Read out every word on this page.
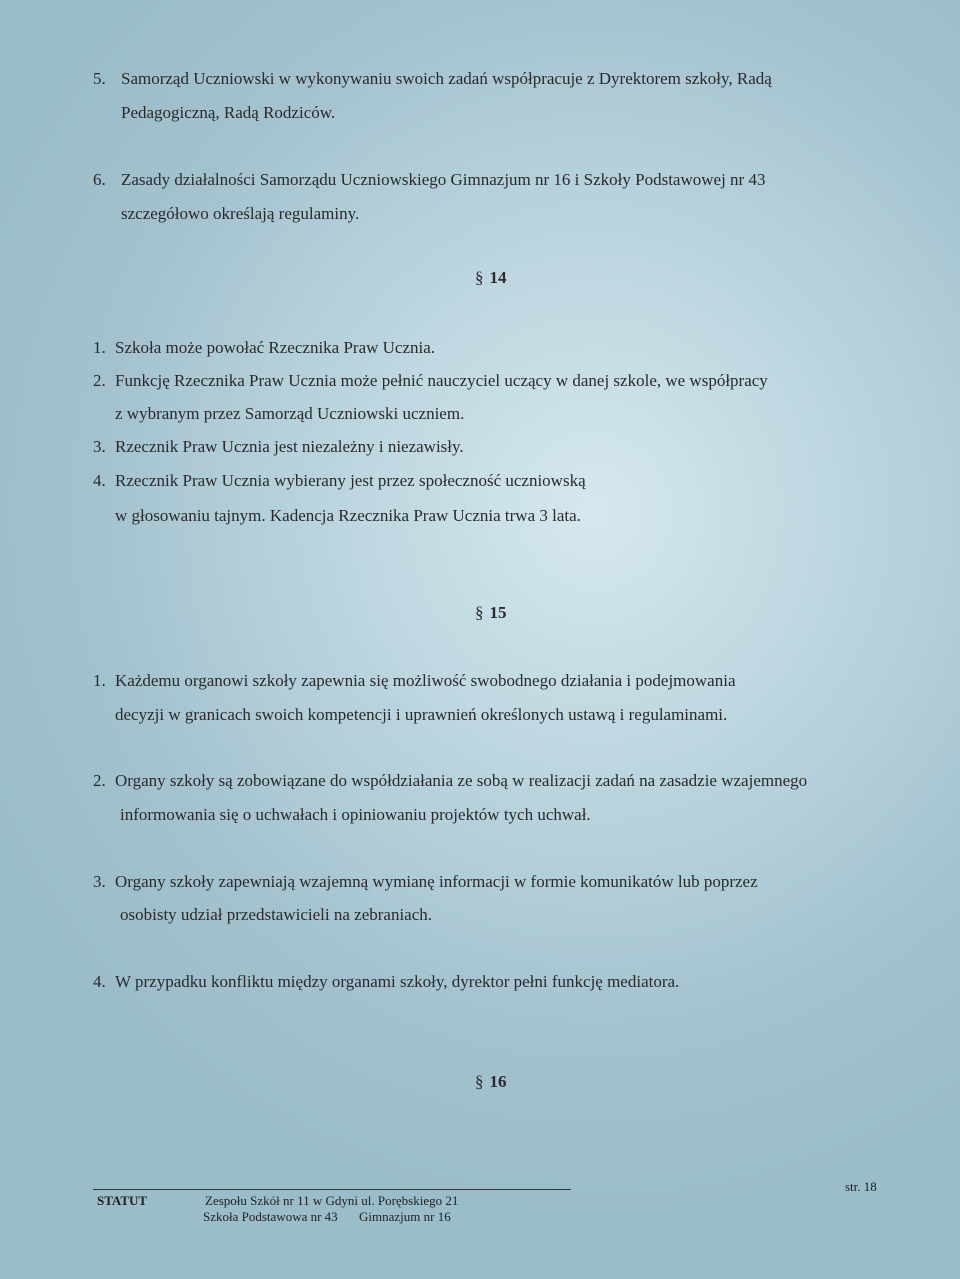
5. Samorząd Uczniowski w wykonywaniu swoich zadań współpracuje z Dyrektorem szkoły, Radą
Pedagogiczną, Radą Rodziców.
6. Zasady działalności Samorządu Uczniowskiego Gimnazjum nr 16 i Szkoły Podstawowej nr 43
szczegółowo określają regulaminy.
§ 14
1. Szkoła może powołać Rzecznika Praw Ucznia.
2. Funkcję Rzecznika Praw Ucznia może pełnić nauczyciel uczący w danej szkole, we współpracy
z wybranym przez Samorząd Uczniowski uczniem.
3. Rzecznik Praw Ucznia jest niezależny i niezawisły.
4. Rzecznik Praw Ucznia wybierany jest przez społeczność uczniowską
w głosowaniu tajnym. Kadencja Rzecznika Praw Ucznia trwa 3 lata.
§ 15
1. Każdemu organowi szkoły zapewnia się możliwość swobodnego działania i podejmowania
decyzji w granicach swoich kompetencji i uprawnień określonych ustawą i regulaminami.
2. Organy szkoły są zobowiązane do współdziałania ze sobą w realizacji zadań na zasadzie wzajemnego
informowania się o uchwałach i opiniowaniu projektów tych uchwał.
3. Organy szkoły zapewniają wzajemną wymianę informacji w formie komunikatów lub poprzez
osobisty udział przedstawicieli na zebraniach.
4. W przypadku konfliktu między organami szkoły, dyrektor pełni funkcję mediatora.
§ 16
STATUT	Zespołu Szkół nr 11 w Gdyni ul. Porębskiego 21
Szkoła Podstawowa nr 43 Gimnazjum nr 16
str. 18
